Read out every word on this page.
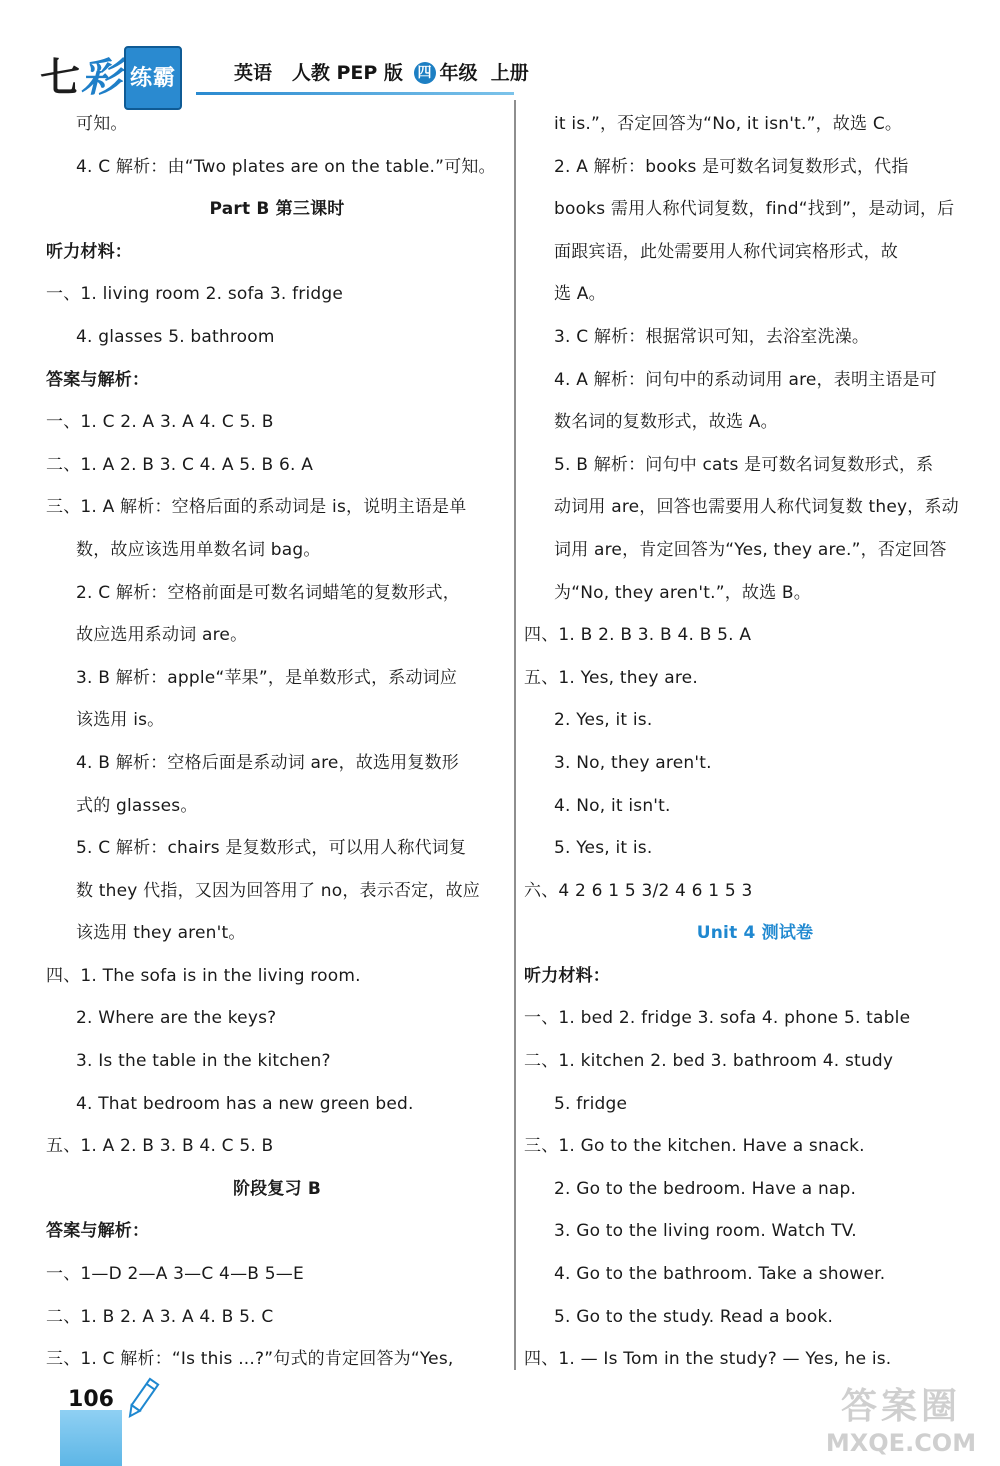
七彩 练霸	英语   人教 PEP 版 四 年级  上册
可知。
4. C 解析：由“Two plates are on the table.”可知。
Part B 第三课时
听力材料：
一、1. living room 2. sofa 3. fridge
4. glasses 5. bathroom
答案与解析：
一、1. C 2. A 3. A 4. C 5. B
二、1. A 2. B 3. C 4. A 5. B 6. A
三、1. A 解析：空格后面的系动词是 is，说明主语是单
数，故应该选用单数名词 bag。
2. C 解析：空格前面是可数名词蜡笔的复数形式，
故应选用系动词 are。
3. B 解析：apple“苹果”，是单数形式，系动词应
该选用 is。
4. B 解析：空格后面是系动词 are，故选用复数形
式的 glasses。
5. C 解析：chairs 是复数形式，可以用人称代词复
数 they 代指，又因为回答用了 no，表示否定，故应
该选用 they aren't。
四、1. The sofa is in the living room.
2. Where are the keys?
3. Is the table in the kitchen?
4. That bedroom has a new green bed.
五、1. A 2. B 3. B 4. C 5. B
阶段复习 B
答案与解析：
一、1—D 2—A 3—C 4—B 5—E
二、1. B 2. A 3. A 4. B 5. C
三、1. C 解析：“Is this ...?”句式的肯定回答为“Yes,
it is.”，否定回答为“No, it isn't.”，故选 C。
2. A 解析：books 是可数名词复数形式，代指
books 需用人称代词复数，find“找到”，是动词，后
面跟宾语，此处需要用人称代词宾格形式，故
选 A。
3. C 解析：根据常识可知，去浴室洗澡。
4. A 解析：问句中的系动词用 are，表明主语是可
数名词的复数形式，故选 A。
5. B 解析：问句中 cats 是可数名词复数形式，系
动词用 are，回答也需要用人称代词复数 they，系动
词用 are，肯定回答为“Yes, they are.”，否定回答
为“No, they aren't.”，故选 B。
四、1. B 2. B 3. B 4. B 5. A
五、1. Yes, they are.
2. Yes, it is.
3. No, they aren't.
4. No, it isn't.
5. Yes, it is.
六、4 2 6 1 5 3/2 4 6 1 5 3
Unit 4 测试卷
听力材料：
一、1. bed 2. fridge 3. sofa 4. phone 5. table
二、1. kitchen 2. bed 3. bathroom 4. study
5. fridge
三、1. Go to the kitchen. Have a snack.
2. Go to the bedroom. Have a nap.
3. Go to the living room. Watch TV.
4. Go to the bathroom. Take a shower.
5. Go to the study. Read a book.
四、1. — Is Tom in the study? — Yes, he is.
106	答案圈
MXQE.COM
